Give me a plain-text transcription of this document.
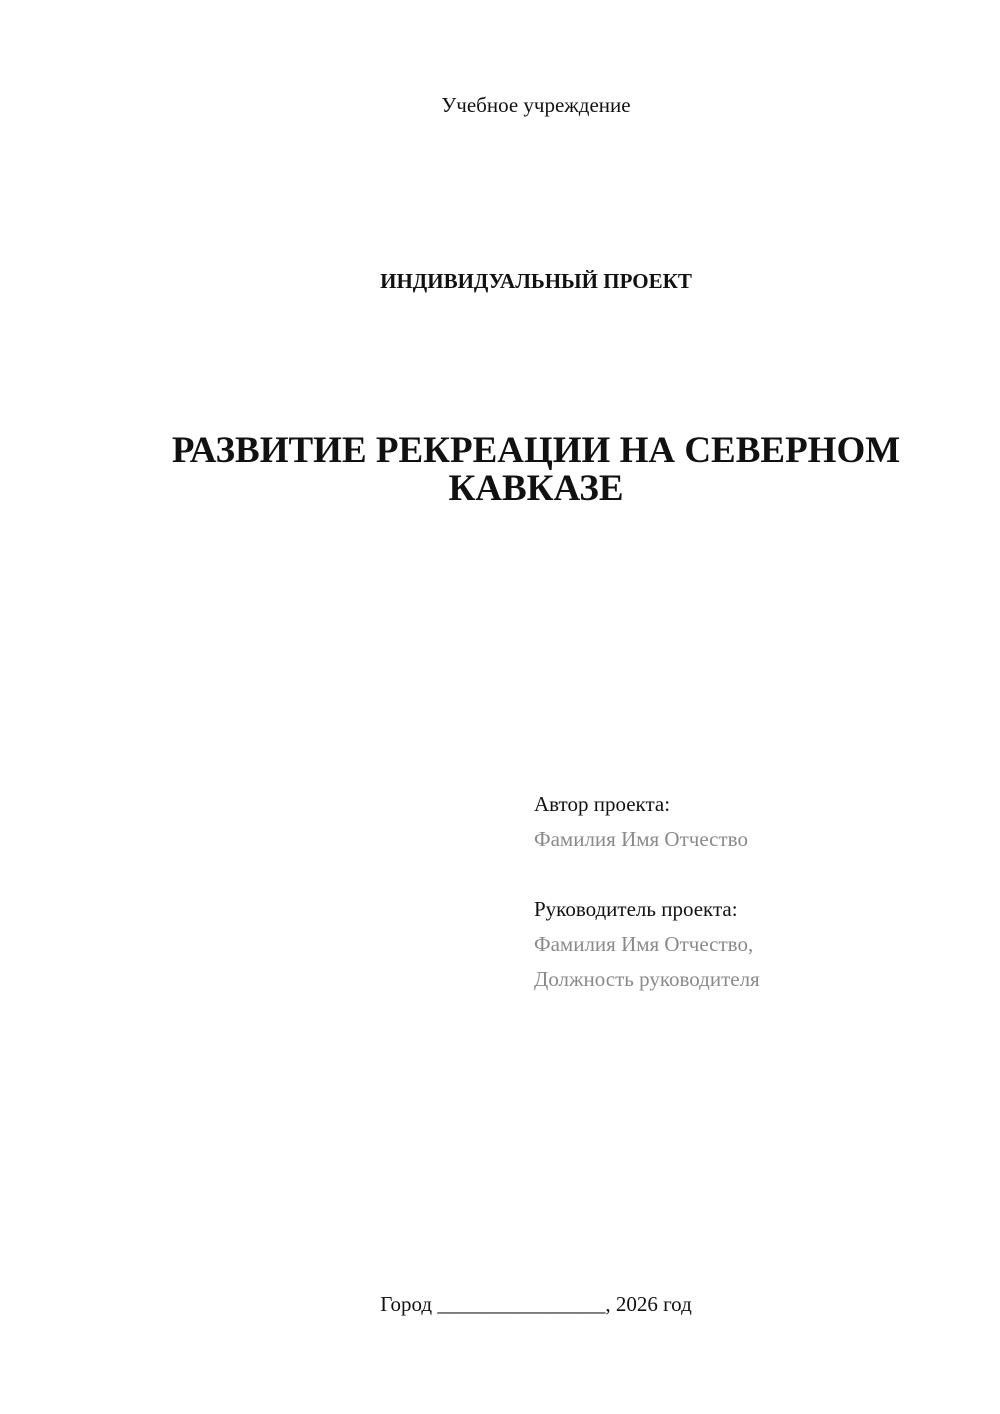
Учебное учреждение
ИНДИВИДУАЛЬНЫЙ ПРОЕКТ
РАЗВИТИЕ РЕКРЕАЦИИ НА СЕВЕРНОМ КАВКАЗЕ
Автор проекта:
Фамилия Имя Отчество
Руководитель проекта:
Фамилия Имя Отчество,
Должность руководителя
Город ________________, 2026 год
